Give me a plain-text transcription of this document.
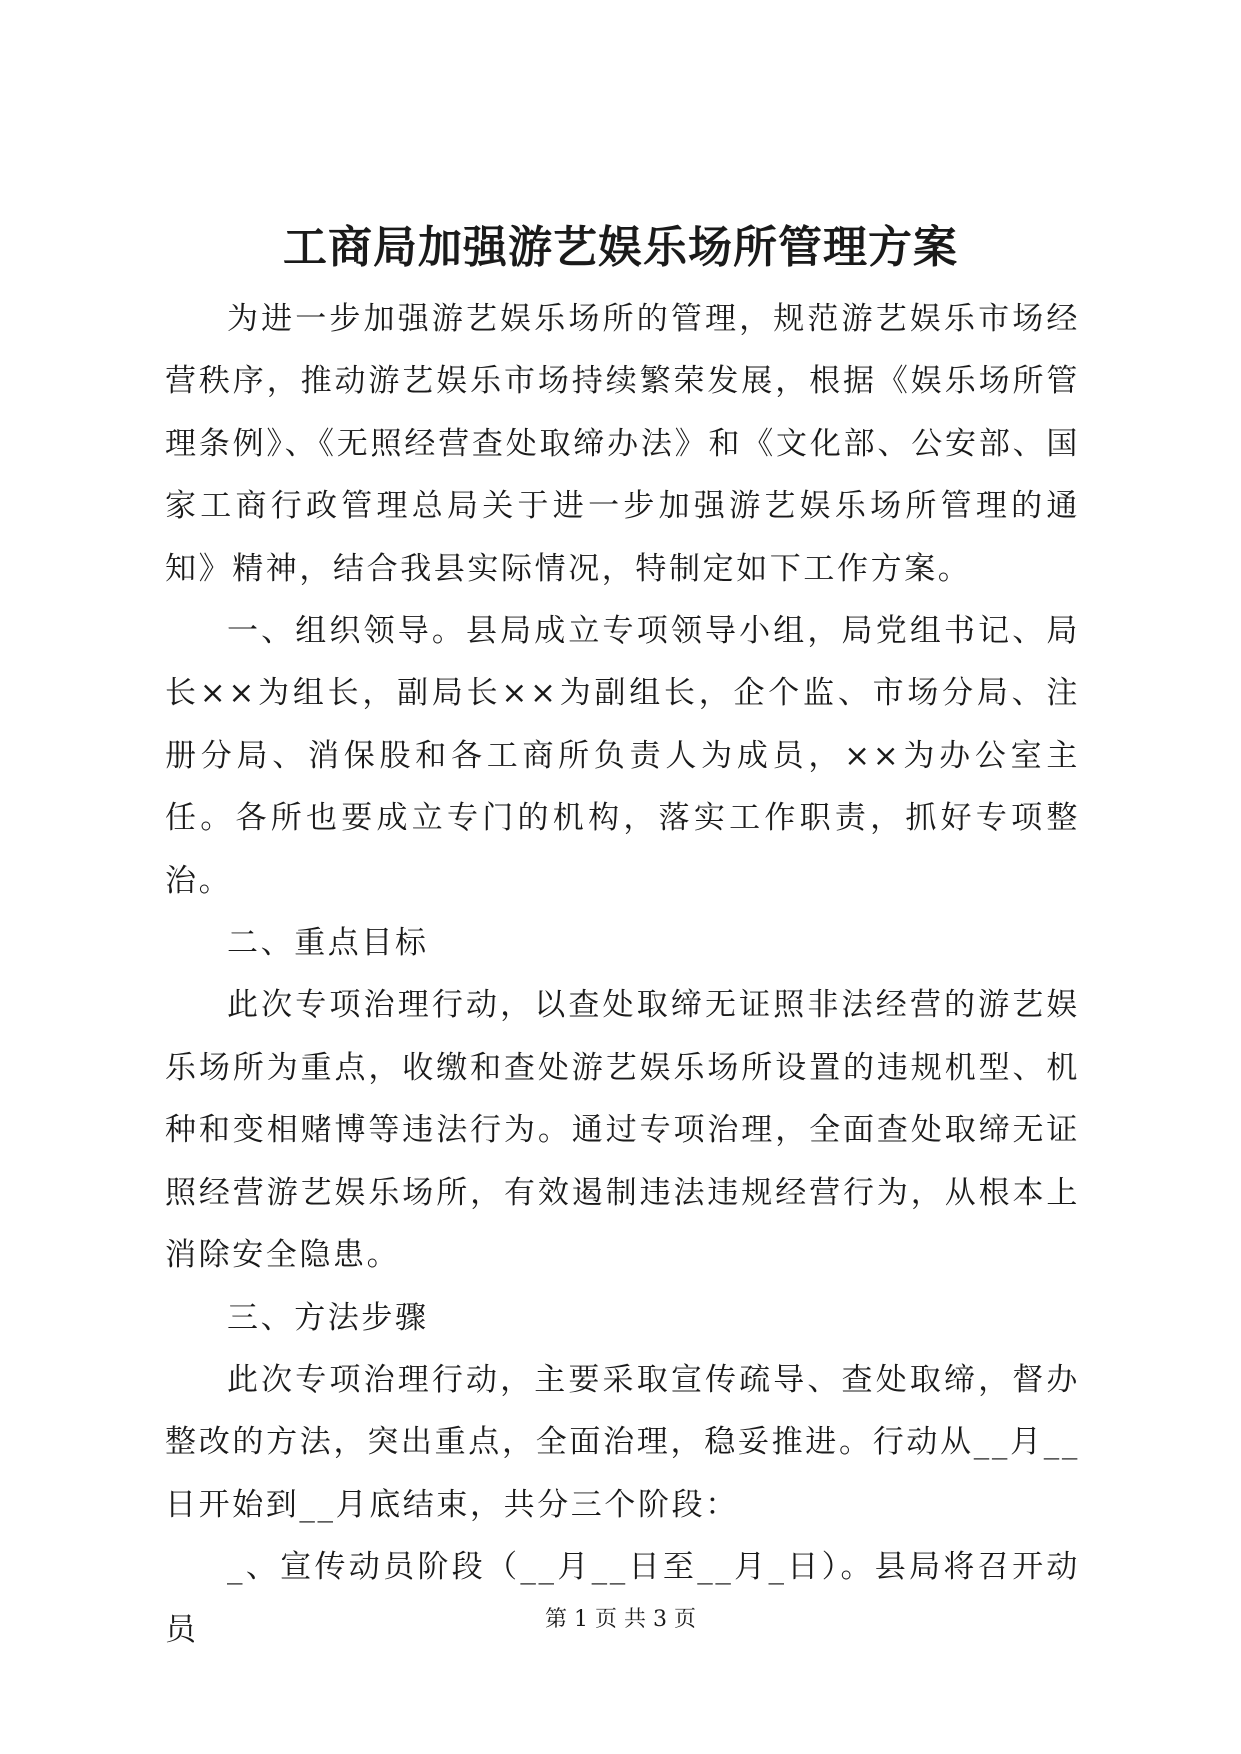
工商局加强游艺娱乐场所管理方案

为进一步加强游艺娱乐场所的管理，规范游艺娱乐市场经营秩序，推动游艺娱乐市场持续繁荣发展，根据《娱乐场所管理条例》、《无照经营查处取缔办法》和《文化部、公安部、国家工商行政管理总局关于进一步加强游艺娱乐场所管理的通知》精神，结合我县实际情况，特制定如下工作方案。

一、组织领导。县局成立专项领导小组，局党组书记、局长××为组长，副局长××为副组长，企个监、市场分局、注册分局、消保股和各工商所负责人为成员，××为办公室主任。各所也要成立专门的机构，落实工作职责，抓好专项整治。

二、重点目标

此次专项治理行动，以查处取缔无证照非法经营的游艺娱乐场所为重点，收缴和查处游艺娱乐场所设置的违规机型、机种和变相赌博等违法行为。通过专项治理，全面查处取缔无证照经营游艺娱乐场所，有效遏制违法违规经营行为，从根本上消除安全隐患。

三、方法步骤

此次专项治理行动，主要采取宣传疏导、查处取缔，督办整改的方法，突出重点，全面治理，稳妥推进。行动从__月__日开始到__月底结束，共分三个阶段：

_、宣传动员阶段（__月__日至__月_日）。县局将召开动员	第 1 页 共 3 页
